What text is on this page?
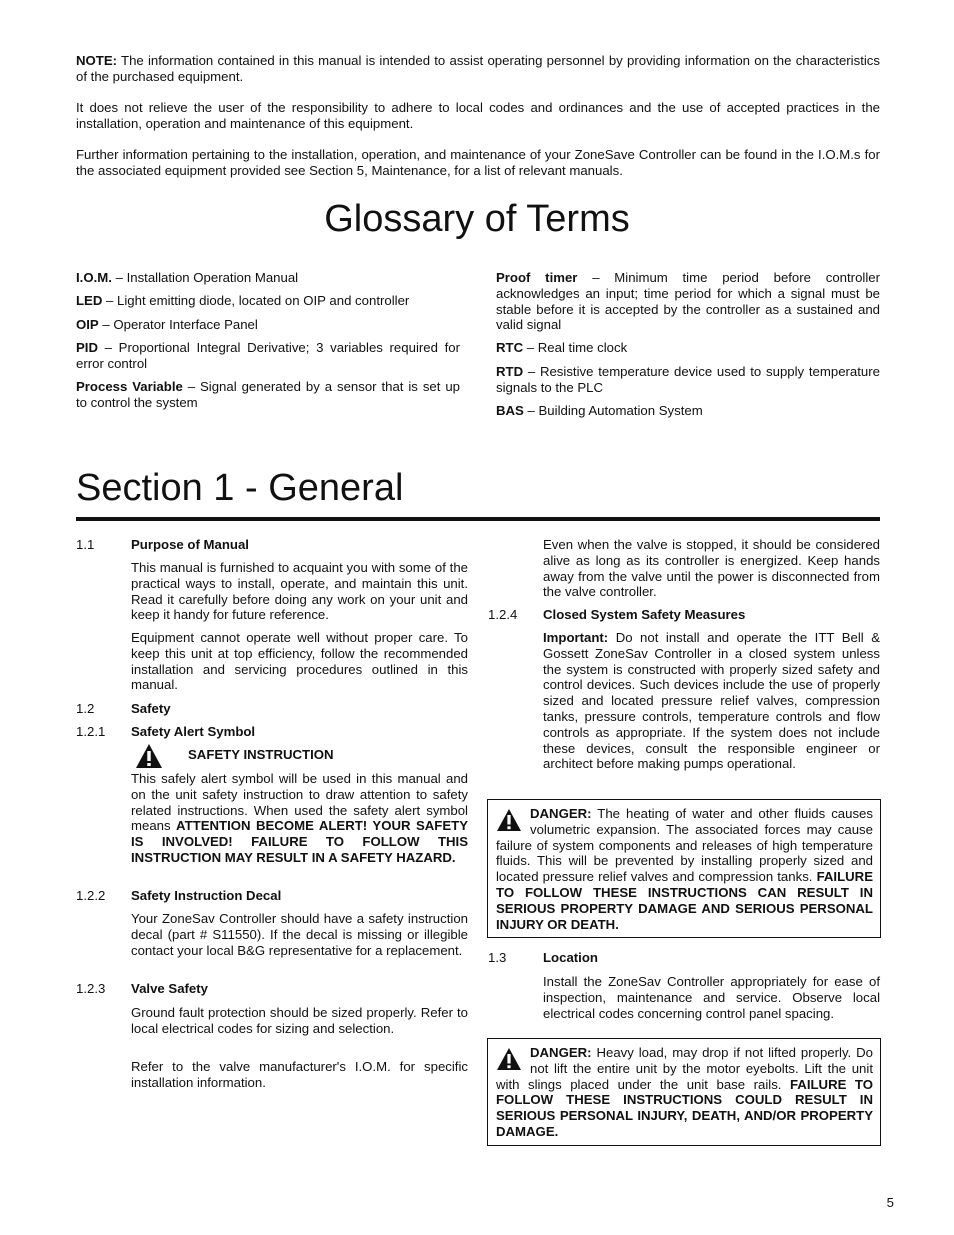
NOTE: The information contained in this manual is intended to assist operating personnel by providing information on the characteristics of the purchased equipment.

It does not relieve the user of the responsibility to adhere to local codes and ordinances and the use of accepted practices in the installation, operation and maintenance of this equipment.

Further information pertaining to the installation, operation, and maintenance of your ZoneSave Controller can be found in the I.O.M.s for the associated equipment provided see Section 5, Maintenance, for a list of relevant manuals.

Glossary of Terms

I.O.M. – Installation Operation Manual

LED – Light emitting diode, located on OIP and controller

OIP – Operator Interface Panel

PID – Proportional Integral Derivative; 3 variables required for error control

Process Variable – Signal generated by a sensor that is set up to control the system

Proof timer – Minimum time period before controller acknowledges an input; time period for which a signal must be stable before it is accepted by the controller as a sustained and valid signal

RTC – Real time clock

RTD – Resistive temperature device used to supply temperature signals to the PLC

BAS – Building Automation System

Section 1 - General
1.1	Purpose of Manual

This manual is furnished to acquaint you with some of the practical ways to install, operate, and maintain this unit. Read it carefully before doing any work on your unit and keep it handy for future reference.

Equipment cannot operate well without proper care. To keep this unit at top efficiency, follow the recommended installation and servicing procedures outlined in this manual.

1.2	Safety
1.2.1	Safety Alert Symbol
SAFETY INSTRUCTION

This safely alert symbol will be used in this manual and on the unit safety instruction to draw attention to safety related instructions. When used the safety alert symbol means ATTENTION BECOME ALERT! YOUR SAFETY IS INVOLVED! FAILURE TO FOLLOW THIS INSTRUCTION MAY RESULT IN A SAFETY HAZARD.

1.2.2	Safety Instruction Decal

Your ZoneSav Controller should have a safety instruction decal (part # S11550). If the decal is missing or illegible contact your local B&G representative for a replacement.

1.2.3	Valve Safety

Ground fault protection should be sized properly. Refer to local electrical codes for sizing and selection.

Refer to the valve manufacturer's I.O.M. for specific installation information.

Even when the valve is stopped, it should be considered alive as long as its controller is energized. Keep hands away from the valve until the power is disconnected from the valve controller.

1.2.4	Closed System Safety Measures

Important: Do not install and operate the ITT Bell & Gossett ZoneSav Controller in a closed system unless the system is constructed with properly sized safety and control devices. Such devices include the use of properly sized and located pressure relief valves, compression tanks, pressure controls, temperature controls and flow controls as appropriate. If the system does not include these devices, consult the responsible engineer or architect before making pumps operational.

DANGER: The heating of water and other fluids causes volumetric expansion. The associated forces may cause failure of system components and releases of high temperature fluids. This will be prevented by installing properly sized and located pressure relief valves and compression tanks. FAILURE TO FOLLOW THESE INSTRUCTIONS CAN RESULT IN SERIOUS PROPERTY DAMAGE AND SERIOUS PERSONAL INJURY OR DEATH.
1.3	Location

Install the ZoneSav Controller appropriately for ease of inspection, maintenance and service. Observe local electrical codes concerning control panel spacing.

DANGER: Heavy load, may drop if not lifted properly. Do not lift the entire unit by the motor eyebolts. Lift the unit with slings placed under the unit base rails. FAILURE TO FOLLOW THESE INSTRUCTIONS COULD RESULT IN SERIOUS PERSONAL INJURY, DEATH, AND/OR PROPERTY DAMAGE.
5
